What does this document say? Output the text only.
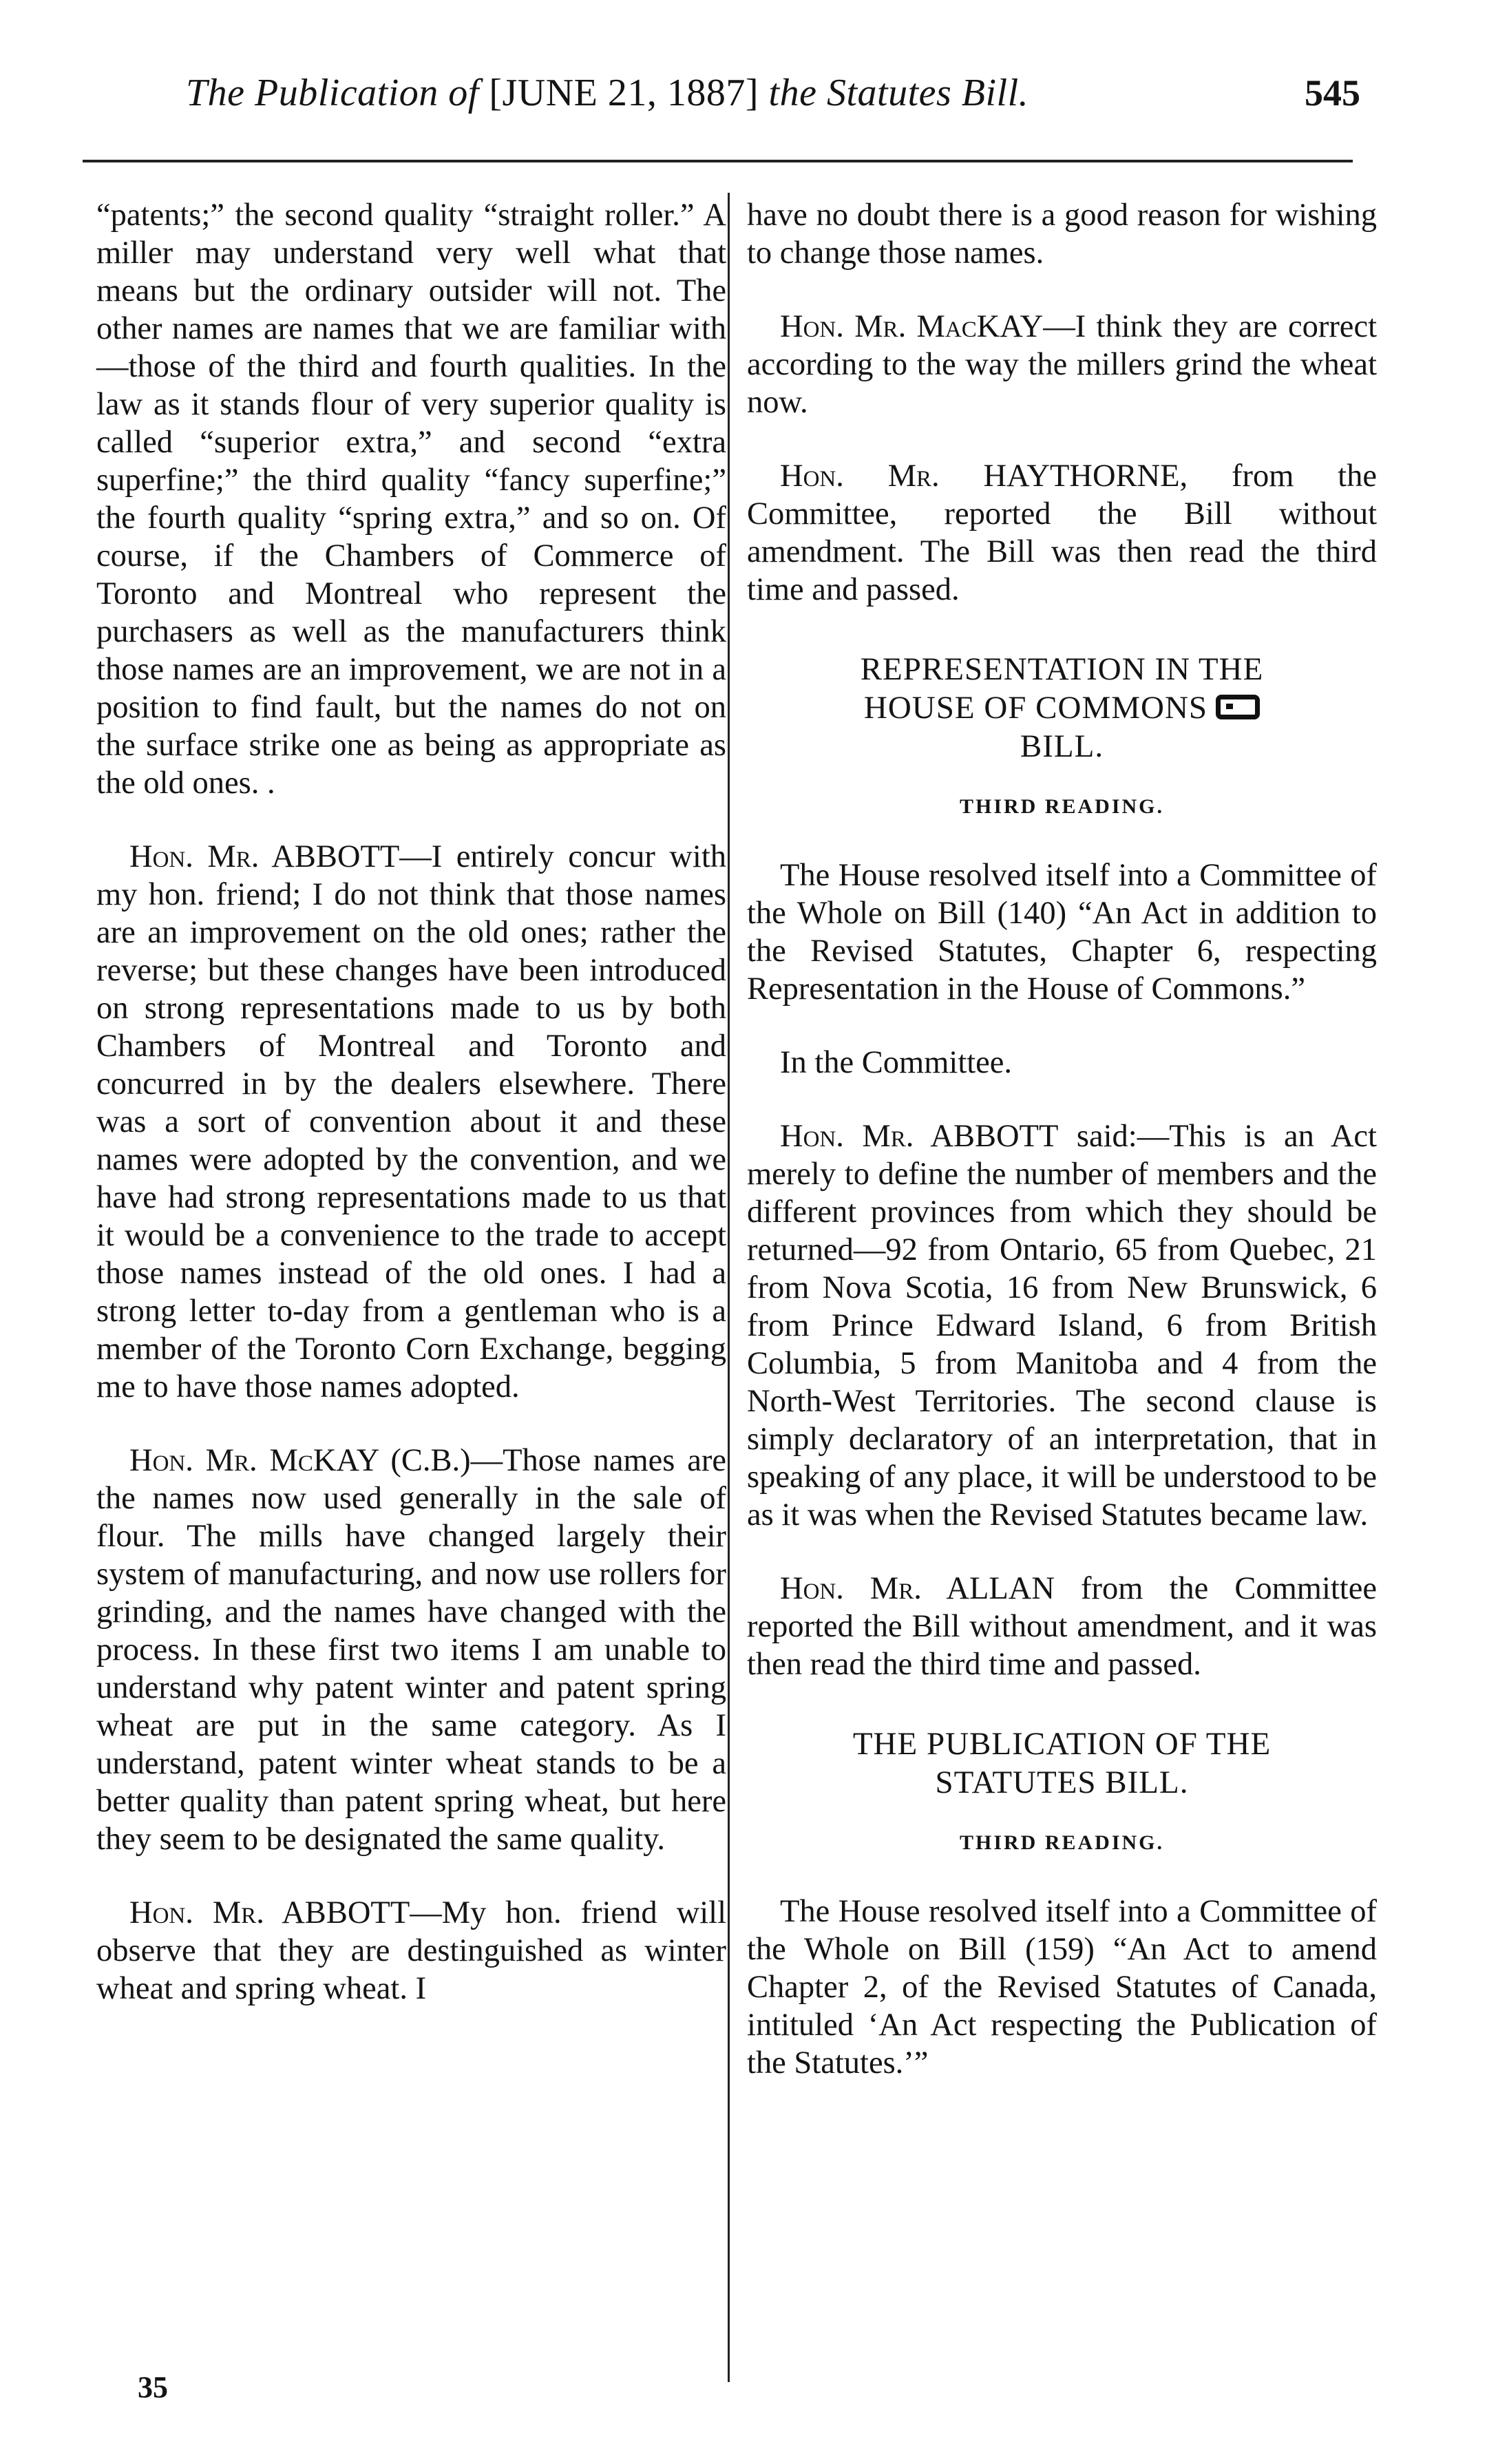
The Publication of [JUNE 21, 1887] the Statutes Bill.	545

“patents;” the second quality “straight roller.” A miller may understand very well what that means but the ordinary outsider will not. The other names are names that we are familiar with—those of the third and fourth qualities. In the law as it stands flour of very superior quality is called “superior extra,” and second “extra superfine;” the third quality “fancy superfine;” the fourth quality “spring extra,” and so on. Of course, if the Chambers of Commerce of Toronto and Montreal who represent the purchasers as well as the manufacturers think those names are an improvement, we are not in a position to find fault, but the names do not on the surface strike one as being as appropriate as the old ones. .

Hon. Mr. ABBOTT—I entirely concur with my hon. friend; I do not think that those names are an improvement on the old ones; rather the reverse; but these changes have been introduced on strong representations made to us by both Chambers of Montreal and Toronto and concurred in by the dealers elsewhere. There was a sort of convention about it and these names were adopted by the convention, and we have had strong representations made to us that it would be a convenience to the trade to accept those names instead of the old ones. I had a strong letter to-day from a gentleman who is a member of the Toronto Corn Exchange, begging me to have those names adopted.

Hon. Mr. McKAY (C.B.)—Those names are the names now used generally in the sale of flour. The mills have changed largely their system of manufacturing, and now use rollers for grinding, and the names have changed with the process. In these first two items I am unable to understand why patent winter and patent spring wheat are put in the same category. As I understand, patent winter wheat stands to be a better quality than patent spring wheat, but here they seem to be designated the same quality.

Hon. Mr. ABBOTT—My hon. friend will observe that they are destinguished as winter wheat and spring wheat. I

have no doubt there is a good reason for wishing to change those names.

Hon. Mr. MacKAY—I think they are correct according to the way the millers grind the wheat now.

Hon. Mr. HAYTHORNE, from the Committee, reported the Bill without amendment. The Bill was then read the third time and passed.

REPRESENTATION IN THE
HOUSE OF COMMONS
BILL.
THIRD READING.

The House resolved itself into a Committee of the Whole on Bill (140) “An Act in addition to the Revised Statutes, Chapter 6, respecting Representation in the House of Commons.”

In the Committee.

Hon. Mr. ABBOTT said:—This is an Act merely to define the number of members and the different provinces from which they should be returned—92 from Ontario, 65 from Quebec, 21 from Nova Scotia, 16 from New Brunswick, 6 from Prince Edward Island, 6 from British Columbia, 5 from Manitoba and 4 from the North-West Territories. The second clause is simply declaratory of an interpretation, that in speaking of any place, it will be understood to be as it was when the Revised Statutes became law.

Hon. Mr. ALLAN from the Committee reported the Bill without amendment, and it was then read the third time and passed.

THE PUBLICATION OF THE
STATUTES BILL.
THIRD READING.

The House resolved itself into a Committee of the Whole on Bill (159) “An Act to amend Chapter 2, of the Revised Statutes of Canada, intituled ‘An Act respecting the Publication of the Statutes.’”

35
